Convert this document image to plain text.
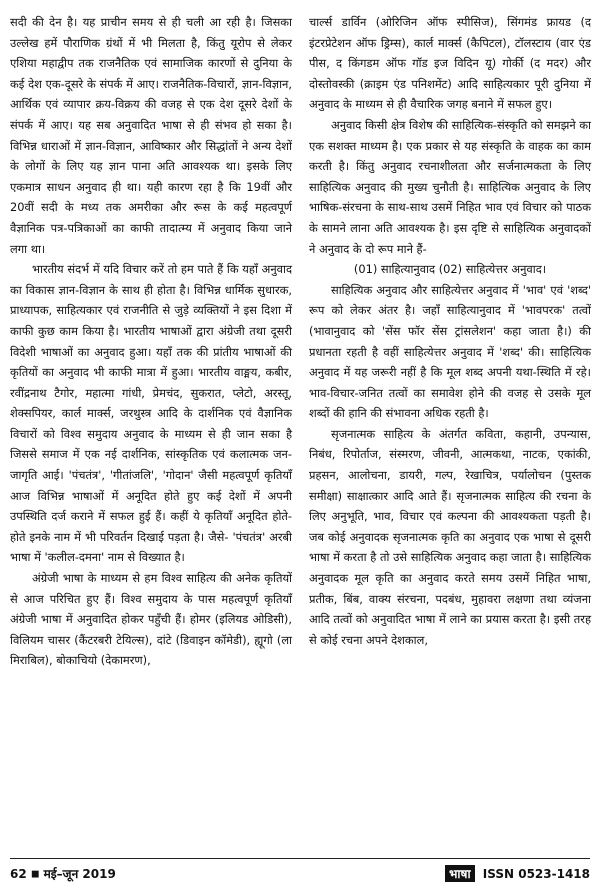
सदी की देन है। यह प्राचीन समय से ही चली आ रही है। जिसका उल्लेख हमें पौराणिक ग्रंथों में भी मिलता है, किंतु यूरोप से लेकर एशिया महाद्वीप तक राजनैतिक एवं सामाजिक कारणों से दुनिया के कई देश एक-दूसरे के संपर्क में आए। राजनैतिक-विचारों, ज्ञान-विज्ञान, आर्थिक एवं व्यापार क्रय-विक्रय की वजह से एक देश दूसरे देशों के संपर्क में आए। यह सब अनुवादित भाषा से ही संभव हो सका है। विभिन्न धाराओं में ज्ञान-विज्ञान, आविष्कार और सिद्धांतों ने अन्य देशों के लोगों के लिए यह ज्ञान पाना अति आवश्यक था। इसके लिए एकमात्र साधन अनुवाद ही था। यही कारण रहा है कि 19वीं और 20वीं सदी के मध्य तक अमरीका और रूस के कई महत्वपूर्ण वैज्ञानिक पत्र-पत्रिकाओं का काफी तादात्म्य में अनुवाद किया जाने लगा था।

भारतीय संदर्भ में यदि विचार करें तो हम पाते हैं कि यहाँ अनुवाद का विकास ज्ञान-विज्ञान के साथ ही होता है। विभिन्न धार्मिक सुधारक, प्राध्यापक, साहित्यकार एवं राजनीति से जुड़े व्यक्तियों ने इस दिशा में काफी कुछ काम किया है। भारतीय भाषाओं द्वारा अंग्रेजी तथा दूसरी विदेशी भाषाओं का अनुवाद हुआ। यहाँ तक की प्रांतीय भाषाओं की कृतियों का अनुवाद भी काफी मात्रा में हुआ। भारतीय वाङ्मय, कबीर, रवींद्रनाथ टैगोर, महात्मा गांधी, प्रेमचंद, सुकरात, प्लेटो, अरस्तू, शेक्सपियर, कार्ल मार्क्स, जरथुस्त्र आदि के दार्शनिक एवं वैज्ञानिक विचारों को विश्व समुदाय अनुवाद के माध्यम से ही जान सका है जिससे समाज में एक नई दार्शनिक, सांस्कृतिक एवं कलात्मक जन-जागृति आई। 'पंचतंत्र', 'गीतांजलि', 'गोदान' जैसी महत्वपूर्ण कृतियाँ आज विभिन्न भाषाओं में अनूदित होते हुए कई देशों में अपनी उपस्थिति दर्ज कराने में सफल हुई हैं। कहीं ये कृतियाँ अनूदित होते-होते इनके नाम में भी परिवर्तन दिखाई पड़ता है। जैसे- 'पंचतंत्र' अरबी भाषा में 'कलील-दमना' नाम से विख्यात है।

अंग्रेजी भाषा के माध्यम से हम विश्व साहित्य की अनेक कृतियों से आज परिचित हुए हैं। विश्व समुदाय के पास महत्वपूर्ण कृतियाँ अंग्रेजी भाषा में अनुवादित होकर पहुँची हैं। होमर (इलियड ओडिसी), विलियम चासर (कैंटरबरी टेयिल्स), दांटे (डिवाइन कॉमेडी), ह्यूगो (ला मिराबिल), बोकाचियो (देकामरण),

चार्ल्स डार्विन (ओरिजिन ऑफ स्पीसिज), सिंगमंड फ्रायड (द इंटरप्रेटेशन ऑफ ड्रिम्स), कार्ल मार्क्स (कैपिटल), टॉलस्टाय (वार एंड पीस, द किंगडम ऑफ गॉड इज विदिन यू) गोर्की (द मदर) और दोस्तोवस्की (क्राइम एंड पनिशमेंट) आदि साहित्यकार पूरी दुनिया में अनुवाद के माध्यम से ही वैचारिक जगह बनाने में सफल हुए।

अनुवाद किसी क्षेत्र विशेष की साहित्यिक-संस्कृति को समझने का एक सशक्त माध्यम है। एक प्रकार से यह संस्कृति के वाहक का काम करती है। किंतु अनुवाद रचनाशीलता और सर्जनात्मकता के लिए साहित्यिक अनुवाद की मुख्य चुनौती है। साहित्यिक अनुवाद के लिए भाषिक-संरचना के साथ-साथ उसमें निहित भाव एवं विचार को पाठक के सामने लाना अति आवश्यक है। इस दृष्टि से साहित्यिक अनुवादकों ने अनुवाद के दो रूप माने हैं-

(01) साहित्यानुवाद (02) साहित्येत्तर अनुवाद।

साहित्यिक अनुवाद और साहित्येत्तर अनुवाद में 'भाव' एवं 'शब्द' रूप को लेकर अंतर है। जहाँ साहित्यानुवाद में 'भावपरक' तत्वों (भावानुवाद को 'सेंस फॉर सेंस ट्रांसलेशन' कहा जाता है।) की प्रधानता रहती है वहीं साहित्येत्तर अनुवाद में 'शब्द' की। साहित्यिक अनुवाद में यह जरूरी नहीं है कि मूल शब्द अपनी यथा-स्थिति में रहे। भाव-विचार-जनित तत्वों का समावेश होने की वजह से उसके मूल शब्दों की हानि की संभावना अधिक रहती है।

सृजनात्मक साहित्य के अंतर्गत कविता, कहानी, उपन्यास, निबंध, रिपोर्ताज, संस्मरण, जीवनी, आत्मकथा, नाटक, एकांकी, प्रहसन, आलोचना, डायरी, गल्प, रेखाचित्र, पर्यालोचन (पुस्तक समीक्षा) साक्षात्कार आदि आते हैं। सृजनात्मक साहित्य की रचना के लिए अनुभूति, भाव, विचार एवं कल्पना की आवश्यकता पड़ती है। जब कोई अनुवादक सृजनात्मक कृति का अनुवाद एक भाषा से दूसरी भाषा में करता है तो उसे साहित्यिक अनुवाद कहा जाता है। साहित्यिक अनुवादक मूल कृति का अनुवाद करते समय उसमें निहित भाषा, प्रतीक, बिंब, वाक्य संरचना, पदबंध, मुहावरा लक्षणा तथा व्यंजना आदि तत्वों को अनुवादित भाषा में लाने का प्रयास करता है। इसी तरह से कोई रचना अपने देशकाल,

62 ■ मई–जून 2019	भाषा ISSN 0523-1418
